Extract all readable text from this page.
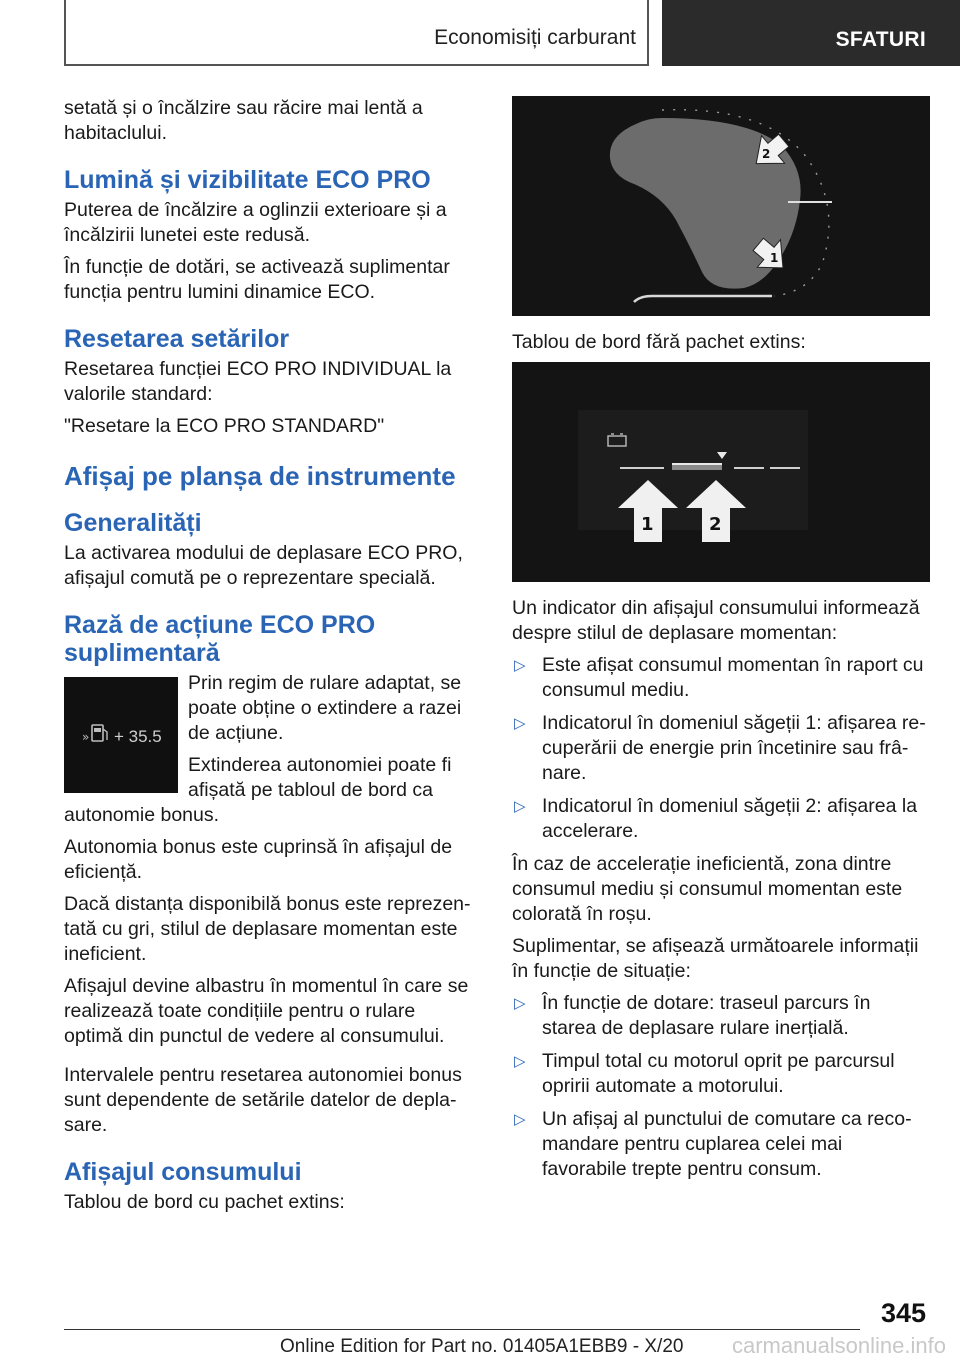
Economisiți carburant	SFATURI

setată și o încălzire sau răcire mai lentă a habitaclului.

Lumină și vizibilitate ECO PRO

Puterea de încălzire a oglinzii exterioare și a încălzirii lunetei este redusă.

În funcție de dotări, se activează suplimentar funcția pentru lumini dinamice ECO.

Resetarea setărilor

Resetarea funcției ECO PRO INDIVIDUAL la valorile standard:

"Resetare la ECO PRO STANDARD"

Afișaj pe planșa de instrumente
Generalități

La activarea modului de deplasare ECO PRO, afișajul comută pe o reprezentare specială.

Rază de acțiune ECO PRO suplimentară
» + 35.5

Prin regim de rulare adaptat, se poate obține o extindere a razei de acțiune.

Extinderea autonomiei poate fi afișată pe tabloul de bord ca autonomie bonus.

Autonomia bonus este cuprinsă în afișajul de eficiență.

Dacă distanța disponibilă bonus este reprezentată cu gri, stilul de deplasare momentan este ineficient.

Afișajul devine albastru în momentul în care se realizează toate condițiile pentru o rulare optimă din punctul de vedere al consumului.

Intervalele pentru resetarea autonomiei bonus sunt dependente de setările datelor de deplasare.

Afișajul consumului

Tablou de bord cu pachet extins:

2
1

Tablou de bord fără pachet extins:

1	2

Un indicator din afișajul consumului informează despre stilul de deplasare momentan:

▷ Este afișat consumul momentan în raport cu consumul mediu.
▷ Indicatorul în domeniul săgeții 1: afișarea recuperării de energie prin încetinire sau frânare.
▷ Indicatorul în domeniul săgeții 2: afișarea la accelerare.

În caz de accelerație ineficientă, zona dintre consumul mediu și consumul momentan este colorată în roșu.

Suplimentar, se afișează următoarele informații în funcție de situație:

▷ În funcție de dotare: traseul parcurs în starea de deplasare rulare inerțială.
▷ Timpul total cu motorul oprit pe parcursul opririi automate a motorului.
▷ Un afișaj al punctului de comutare ca recomandare pentru cuplarea celei mai favorabile trepte pentru consum.
345
Online Edition for Part no. 01405A1EBB9 - X/20 carmanualsonline.info
